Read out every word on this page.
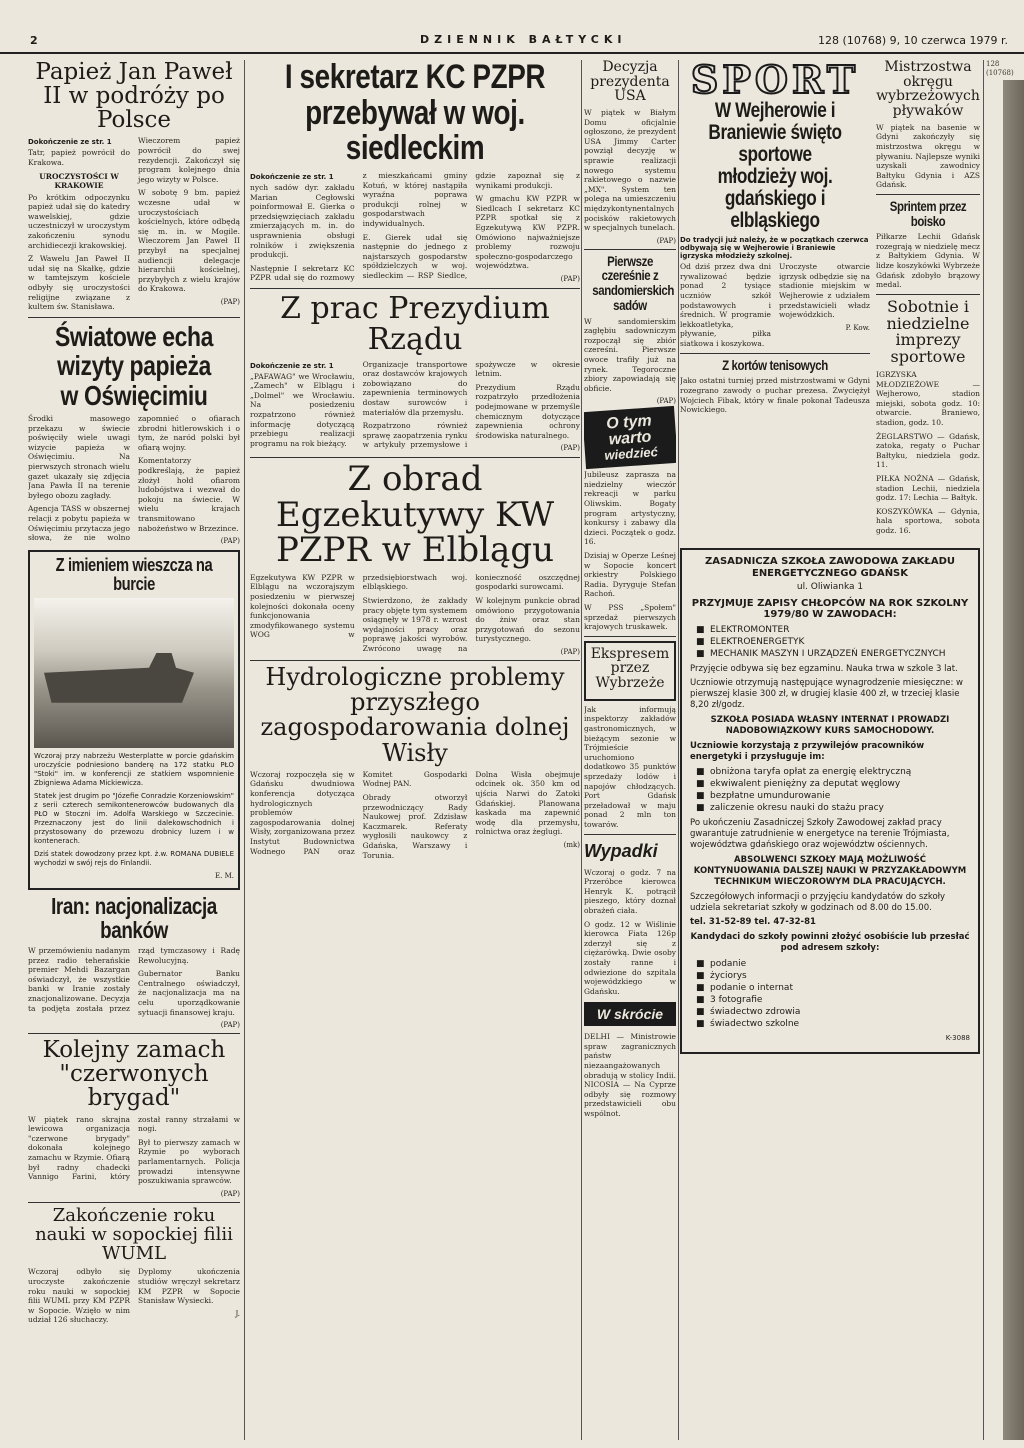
2	DZIENNIK BAŁTYCKI	128 (10768) 9, 10 czerwca 1979 r.
Papież Jan Paweł II w podróży po Polsce

Dokończenie ze str. 1

Tatr, papież powrócił do Krakowa.

UROCZYSTOŚCI W KRAKOWIE

Po krótkim odpoczynku papież udał się do katedry wawelskiej, gdzie uczestniczył w uroczystym zakończeniu synodu archidiecezji krakowskiej.

Z Wawelu Jan Paweł II udał się na Skałkę, gdzie w tamtejszym kościele odbyły się uroczystości religijne związane z kultem św. Stanisława.

Wieczorem papież powrócił do swej rezydencji. Zakończył się program kolejnego dnia jego wizyty w Polsce.

W sobotę 9 bm. papież wczesne udał w uroczystościach kościelnych, które odbędą się m. in. w Mogile. Wieczorem Jan Paweł II przybył na specjalnej audiencji delegacje hierarchii kościelnej, przybyłych z wielu krajów do Krakowa.

(PAP)

Światowe echa wizyty papieża w Oświęcimiu

Środki masowego przekazu w świecie poświęciły wiele uwagi wizycie papieża w Oświęcimiu. Na pierwszych stronach wielu gazet ukazały się zdjęcia Jana Pawła II na terenie byłego obozu zagłady.

Agencja TASS w obszernej relacji z pobytu papieża w Oświęcimiu przytacza jego słowa, że nie wolno zapomnieć o ofiarach zbrodni hitlerowskich i o tym, że naród polski był ofiarą wojny.

Komentatorzy podkreślają, że papież złożył hołd ofiarom ludobójstwa i wezwał do pokoju na świecie. W wielu krajach transmitowano nabożeństwo w Brzezince.

(PAP)

Z imieniem wieszcza na burcie

Wczoraj przy nabrzeżu Westerplatte w porcie gdańskim uroczyście podniesiono banderę na 172 statku PŁO "Stoki" im. w konferencji ze statkiem wspomnienie Zbigniewa Adama Mickiewicza.

Statek jest drugim po "Józefie Conradzie Korzeniowskim" z serii czterech semikontenerowców budowanych dla PŁO w Stoczni im. Adolfa Warskiego w Szczecinie. Przeznaczony jest do linii dalekowschodnich i przystosowany do przewozu drobnicy luzem i w kontenerach.

Dziś statek dowodzony przez kpt. ż.w. ROMANA DUBIELE wychodzi w swój rejs do Finlandii.

E. M.

Iran: nacjonalizacja banków

W przemówieniu nadanym przez radio teherańskie premier Mehdi Bazargan oświadczył, że wszystkie banki w Iranie zostały znacjonalizowane. Decyzja ta podjęta została przez rząd tymczasowy i Radę Rewolucyjną.

Gubernator Banku Centralnego oświadczył, że nacjonalizacja ma na celu uporządkowanie sytuacji finansowej kraju.

(PAP)

Kolejny zamach "czerwonych brygad"

W piątek rano skrajna lewicowa organizacja "czerwone brygady" dokonała kolejnego zamachu w Rzymie. Ofiarą był radny chadecki Vannigo Farini, który został ranny strzałami w nogi.

Był to pierwszy zamach w Rzymie po wyborach parlamentarnych. Policja prowadzi intensywne poszukiwania sprawców.

(PAP)

Zakończenie roku nauki w sopockiej filii WUML

Wczoraj odbyło się uroczyste zakończenie roku nauki w sopockiej filii WUML przy KM PZPR w Sopocie. Wzięło w nim udział 126 słuchaczy.

Dyplomy ukończenia studiów wręczył sekretarz KM PZPR w Sopocie Stanisław Wysiecki.

J.

I sekretarz KC PZPR przebywał w woj. siedleckim

Dokończenie ze str. 1

nych sadów dyr. zakładu Marian Cegłowski poinformował E. Gierka o przedsięwzięciach zakładu zmierzających m. in. do usprawnienia obsługi rolników i zwiększenia produkcji.

Następnie I sekretarz KC PZPR udał się do rozmowy z mieszkańcami gminy Kotuń, w której nastąpiła wyraźna poprawa produkcji rolnej w gospodarstwach indywidualnych.

E. Gierek udał się następnie do jednego z najstarszych gospodarstw spółdzielczych w woj. siedleckim — RSP Siedlce, gdzie zapoznał się z wynikami produkcji.

W gmachu KW PZPR w Siedlcach I sekretarz KC PZPR spotkał się z Egzekutywą KW PZPR. Omówiono najważniejsze problemy rozwoju społeczno-gospodarczego województwa.

(PAP)

Z prac Prezydium Rządu

Dokończenie ze str. 1

„PAFAWAG" we Wrocławiu, „Zamech" w Elblągu i „Dolmel" we Wrocławiu. Na posiedzeniu rozpatrzono również informację dotyczącą przebiegu realizacji programu na rok bieżący.

Organizacje transportowe oraz dostawców krajowych zobowiązano do zapewnienia terminowych dostaw surowców i materiałów dla przemysłu.

Rozpatrzono również sprawę zaopatrzenia rynku w artykuły przemysłowe i spożywcze w okresie letnim.

Prezydium Rządu rozpatrzyło przedłożenia podejmowane w przemyśle chemicznym dotyczące zapewnienia ochrony środowiska naturalnego.

(PAP)

Z obrad Egzekutywy KW PZPR w Elblągu

Egzekutywa KW PZPR w Elblągu na wczorajszym posiedzeniu w pierwszej kolejności dokonała oceny funkcjonowania zmodyfikowanego systemu WOG w przedsiębiorstwach woj. elbląskiego.

Stwierdzono, że zakłady pracy objęte tym systemem osiągnęły w 1978 r. wzrost wydajności pracy oraz poprawę jakości wyrobów. Zwrócono uwagę na konieczność oszczędnej gospodarki surowcami.

W kolejnym punkcie obrad omówiono przygotowania do żniw oraz stan przygotowań do sezonu turystycznego.

(PAP)

Hydrologiczne problemy przyszłego zagospodarowania dolnej Wisły

Wczoraj rozpoczęła się w Gdańsku dwudniowa konferencja dotycząca hydrologicznych problemów zagospodarowania dolnej Wisły, zorganizowana przez Instytut Budownictwa Wodnego PAN oraz Komitet Gospodarki Wodnej PAN.

Obrady otworzył przewodniczący Rady Naukowej prof. Zdzisław Kaczmarek. Referaty wygłosili naukowcy z Gdańska, Warszawy i Torunia.

Dolna Wisła obejmuje odcinek ok. 350 km od ujścia Narwi do Zatoki Gdańskiej. Planowana kaskada ma zapewnić wodę dla przemysłu, rolnictwa oraz żeglugi.

(mk)

Decyzja prezydenta USA

W piątek w Białym Domu oficjalnie ogłoszono, że prezydent USA Jimmy Carter powziął decyzję w sprawie realizacji nowego systemu rakietowego o nazwie „MX". System ten polega na umieszczeniu międzykontynentalnych pocisków rakietowych w specjalnych tunelach.

(PAP)

Pierwsze czereśnie z sandomierskich sadów

W sandomierskim zagłębiu sadowniczym rozpoczął się zbiór czereśni. Pierwsze owoce trafiły już na rynek. Tegoroczne zbiory zapowiadają się obficie.

(PAP)

O tym
warto
wiedzieć

Jubileusz zaprasza na niedzielny wieczór rekreacji w parku Oliwskim. Bogaty program artystyczny, konkursy i zabawy dla dzieci. Początek o godz. 16.

Dzisiaj w Operze Leśnej w Sopocie koncert orkiestry Polskiego Radia. Dyryguje Stefan Rachoń.

W PSS „Społem" sprzedaż pierwszych krajowych truskawek.

Ekspresem przez Wybrzeże

Jak informują inspektorzy zakładów gastronomicznych, w bieżącym sezonie w Trójmieście uruchomiono dodatkowo 35 punktów sprzedaży lodów i napojów chłodzących. Port Gdańsk przeładował w maju ponad 2 mln ton towarów.

Wypadki

Wczoraj o godz. 7 na Przeróbce kierowca Henryk K. potrącił pieszego, który doznał obrażeń ciała.

O godz. 12 w Wiślinie kierowca Fiata 126p zderzył się z ciężarówką. Dwie osoby zostały ranne i odwiezione do szpitala wojewódzkiego w Gdańsku.

W skrócie

DELHI — Ministrowie spraw zagranicznych państw niezaangażowanych obradują w stolicy Indii. NICOSIA — Na Cyprze odbyły się rozmowy przedstawicieli obu wspólnot.

SPORT
W Wejherowie i Braniewie święto sportowe młodzieży woj. gdańskiego i elbląskiego

Do tradycji już należy, że w początkach czerwca odbywają się w Wejherowie i Braniewie igrzyska młodzieży szkolnej.

Od dziś przez dwa dni rywalizować będzie ponad 2 tysiące uczniów szkół podstawowych i średnich. W programie lekkoatletyka, pływanie, piłka siatkowa i koszykowa.

Uroczyste otwarcie igrzysk odbędzie się na stadionie miejskim w Wejherowie z udziałem przedstawicieli władz wojewódzkich.

P. Kow.

Z kortów tenisowych

Jako ostatni turniej przed mistrzostwami w Gdyni rozegrano zawody o puchar prezesa. Zwyciężył Wojciech Fibak, który w finale pokonał Tadeusza Nowickiego.

Mistrzostwa okręgu wybrzeżowych pływaków

W piątek na basenie w Gdyni zakończyły się mistrzostwa okręgu w pływaniu. Najlepsze wyniki uzyskali zawodnicy Bałtyku Gdynia i AZS Gdańsk.

Sprintem przez boisko

Piłkarze Lechii Gdańsk rozegrają w niedzielę mecz z Bałtykiem Gdynia. W lidze koszykówki Wybrzeże Gdańsk zdobyło brązowy medal.

Sobotnie i niedzielne imprezy sportowe

IGRZYSKA MŁODZIEŻOWE — Wejherowo, stadion miejski, sobota godz. 10: otwarcie. Braniewo, stadion, godz. 10.

ŻEGLARSTWO — Gdańsk, zatoka, regaty o Puchar Bałtyku, niedziela godz. 11.

PIŁKA NOŻNA — Gdańsk, stadion Lechii, niedziela godz. 17: Lechia — Bałtyk.

KOSZYKÓWKA — Gdynia, hala sportowa, sobota godz. 16.

ZASADNICZA SZKOŁA ZAWODOWA ZAKŁADU ENERGETYCZNEGO GDAŃSK
ul. Oliwianka 1
PRZYJMUJE ZAPISY CHŁOPCÓW NA ROK SZKOLNY 1979/80 W ZAWODACH:
■ ELEKTROMONTER
■ ELEKTROENERGETYK
■ MECHANIK MASZYN I URZĄDZEŃ ENERGETYCZNYCH

Przyjęcie odbywa się bez egzaminu. Nauka trwa w szkole 3 lat.

Uczniowie otrzymują następujące wynagrodzenie miesięczne: w pierwszej klasie 300 zł, w drugiej klasie 400 zł, w trzeciej klasie 8,20 zł/godz.

SZKOŁA POSIADA WŁASNY INTERNAT I PROWADZI NADOBOWIĄZKOWY KURS SAMOCHODOWY.

Uczniowie korzystają z przywilejów pracowników energetyki i przysługuje im:

■ obniżona taryfa opłat za energię elektryczną
■ ekwiwalent pieniężny za deputat węglowy
■ bezpłatne umundurowanie
■ zaliczenie okresu nauki do stażu pracy

Po ukończeniu Zasadniczej Szkoły Zawodowej zakład pracy gwarantuje zatrudnienie w energetyce na terenie Trójmiasta, województwa gdańskiego oraz województw ościennych.

ABSOLWENCI SZKOŁY MAJĄ MOŻLIWOŚĆ KONTYNUOWANIA DALSZEJ NAUKI W PRZYZAKŁADOWYM TECHNIKUM WIECZOROWYM DLA PRACUJĄCYCH.

Szczegółowych informacji o przyjęciu kandydatów do szkoły udziela sekretariat szkoły w godzinach od 8.00 do 15.00.

tel. 31-52-89 tel. 47-32-81

Kandydaci do szkoły powinni złożyć osobiście lub przesłać pod adresem szkoły:

■ podanie
■ życiorys
■ podanie o internat
■ 3 fotografie
■ świadectwo zdrowia
■ świadectwo szkolne

K-3088

128 (10768)
